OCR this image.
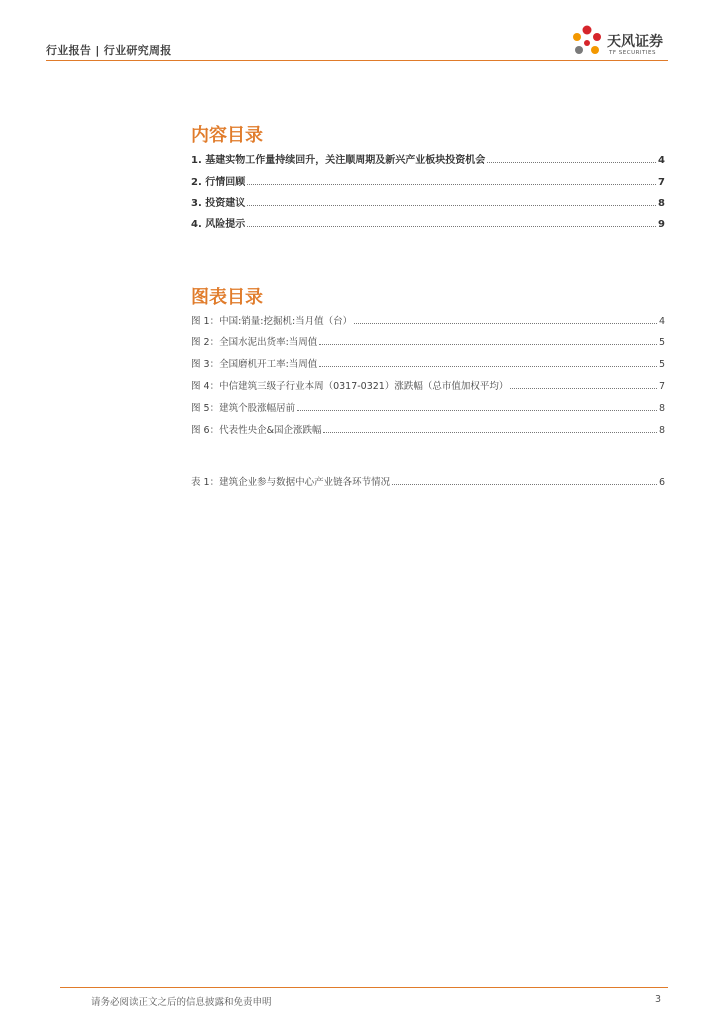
行业报告 | 行业研究周报
天风证券
TF SECURITIES
内容目录
1. 基建实物工作量持续回升，关注顺周期及新兴产业板块投资机会	4
2. 行情回顾	7
3. 投资建议	8
4. 风险提示	9
图表目录
图 1：中国:销量:挖掘机:当月值（台）	4
图 2：全国水泥出货率:当周值	5
图 3：全国磨机开工率:当周值	5
图 4：中信建筑三级子行业本周（0317-0321）涨跌幅（总市值加权平均）	7
图 5：建筑个股涨幅居前	8
图 6：代表性央企&国企涨跌幅	8
表 1：建筑企业参与数据中心产业链各环节情况	6
请务必阅读正文之后的信息披露和免责申明	3
